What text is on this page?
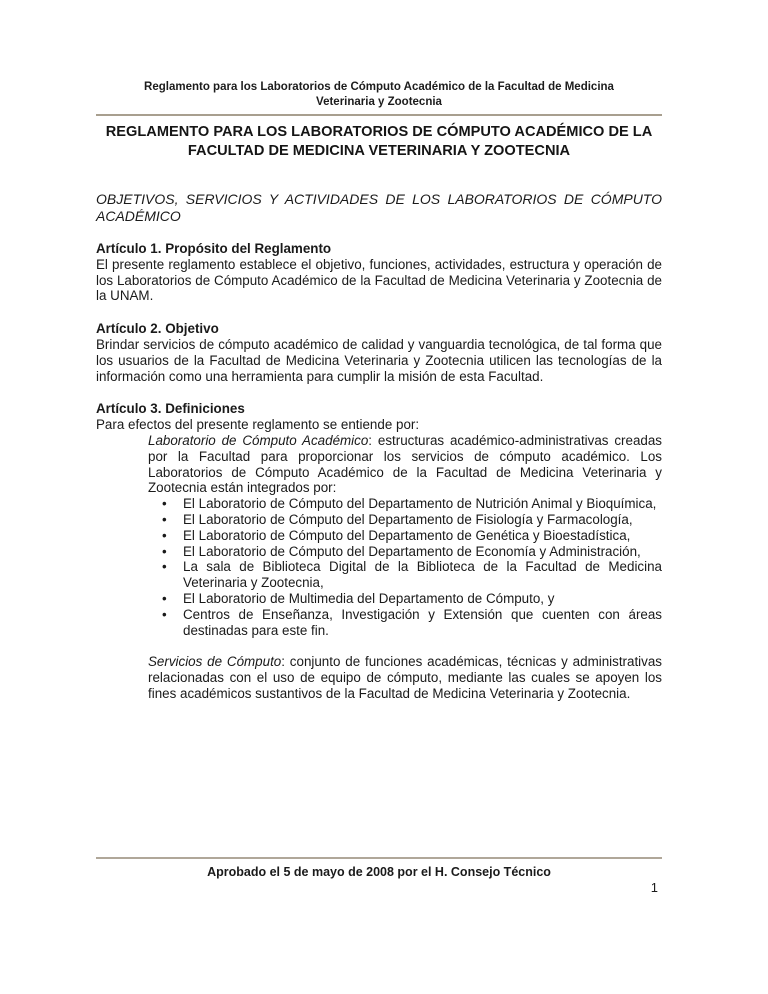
Reglamento para los Laboratorios de Cómputo Académico de la Facultad de Medicina
Veterinaria y Zootecnia
REGLAMENTO PARA LOS LABORATORIOS DE CÓMPUTO ACADÉMICO DE LA FACULTAD DE MEDICINA VETERINARIA Y ZOOTECNIA
OBJETIVOS, SERVICIOS Y ACTIVIDADES DE LOS LABORATORIOS DE CÓMPUTO ACADÉMICO
Artículo 1. Propósito del Reglamento

El presente reglamento establece el objetivo, funciones, actividades, estructura y operación de los Laboratorios de Cómputo Académico de la Facultad de Medicina Veterinaria y Zootecnia de la UNAM.

Artículo 2. Objetivo

Brindar servicios de cómputo académico de calidad y vanguardia tecnológica, de tal forma que los usuarios de la Facultad de Medicina Veterinaria y Zootecnia utilicen las tecnologías de la información como una herramienta para cumplir la misión de esta Facultad.

Artículo 3. Definiciones

Para efectos del presente reglamento se entiende por:

Laboratorio de Cómputo Académico: estructuras académico-administrativas creadas por la Facultad para proporcionar los servicios de cómputo académico. Los Laboratorios de Cómputo Académico de la Facultad de Medicina Veterinaria y Zootecnia están integrados por:

• El Laboratorio de Cómputo del Departamento de Nutrición Animal y Bioquímica,
• El Laboratorio de Cómputo del Departamento de Fisiología y Farmacología,
• El Laboratorio de Cómputo del Departamento de Genética y Bioestadística,
• El Laboratorio de Cómputo del Departamento de Economía y Administración,
• La sala de Biblioteca Digital de la Biblioteca de la Facultad de Medicina Veterinaria y Zootecnia,
• El Laboratorio de Multimedia del Departamento de Cómputo, y
• Centros de Enseñanza, Investigación y Extensión que cuenten con áreas destinadas para este fin.

Servicios de Cómputo: conjunto de funciones académicas, técnicas y administrativas relacionadas con el uso de equipo de cómputo, mediante las cuales se apoyen los fines académicos sustantivos de la Facultad de Medicina Veterinaria y Zootecnia.

Aprobado el 5 de mayo de 2008 por el H. Consejo Técnico
1
